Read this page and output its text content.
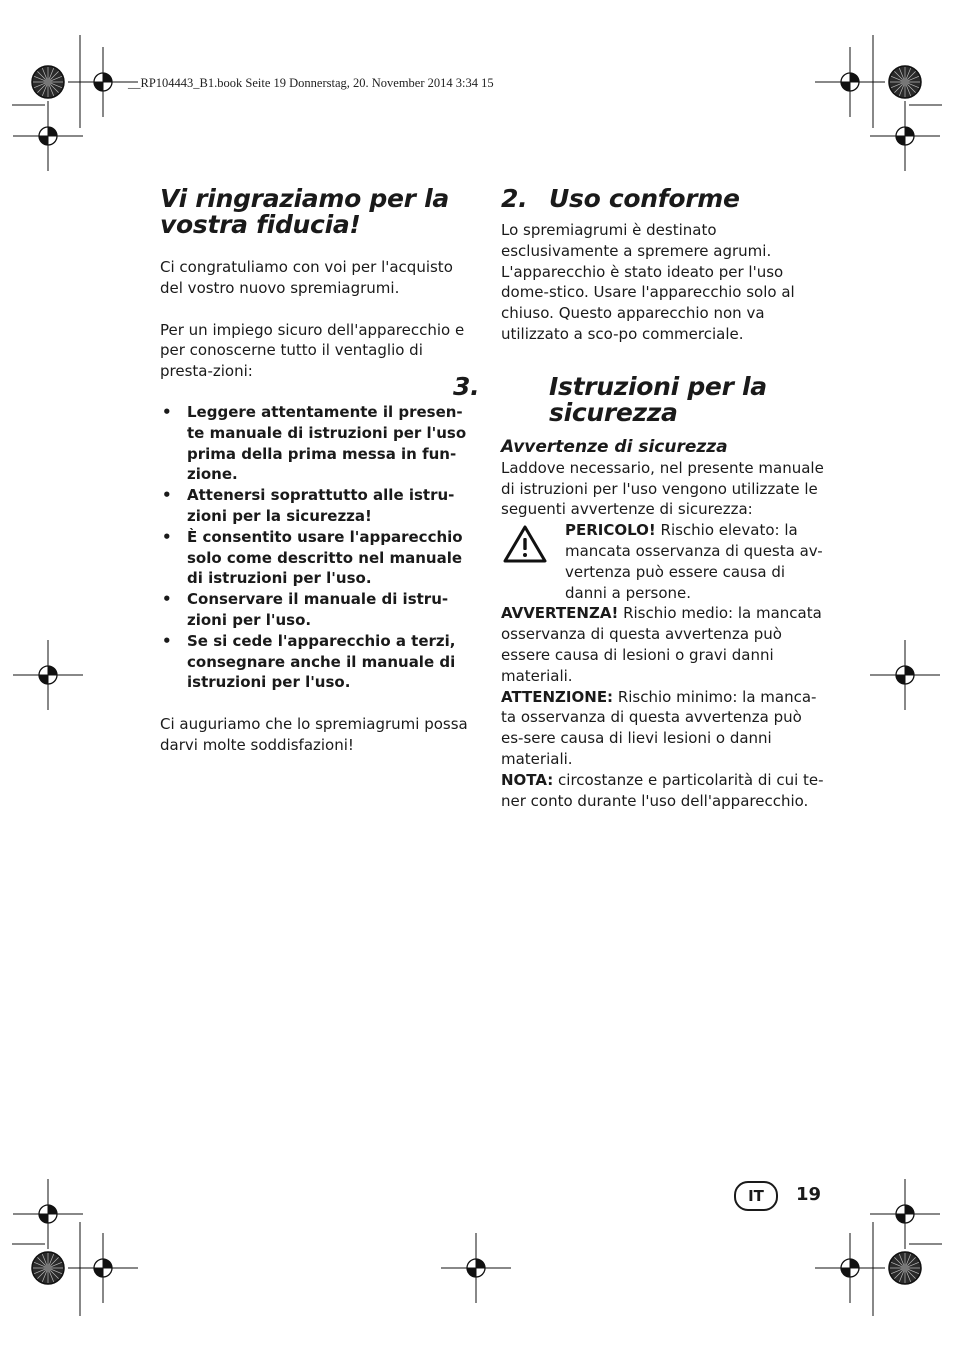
__RP104443_B1.book Seite 19 Donnerstag, 20. November 2014 3:34 15
Vi ringraziamo per la vostra fiducia!

Ci congratuliamo con voi per l'acquisto del vostro nuovo spremiagrumi.

Per un impiego sicuro dell'apparecchio e per conoscerne tutto il ventaglio di presta-zioni:

• Leggere attentamente il presen-te manuale di istruzioni per l'uso prima della prima messa in fun-zione.
• Attenersi soprattutto alle istru-zioni per la sicurezza!
• È consentito usare l'apparecchio solo come descritto nel manuale di istruzioni per l'uso.
• Conservare il manuale di istru-zioni per l'uso.
• Se si cede l'apparecchio a terzi, consegnare anche il manuale di istruzioni per l'uso.

Ci auguriamo che lo spremiagrumi possa darvi molte soddisfazioni!

2. Uso conforme

Lo spremiagrumi è destinato esclusivamente a spremere agrumi. L'apparecchio è stato ideato per l'uso dome-stico. Usare l'apparecchio solo al chiuso. Questo apparecchio non va utilizzato a sco-po commerciale.

3.	Istruzioni per la sicurezza
Avvertenze di sicurezza

Laddove necessario, nel presente manuale di istruzioni per l'uso vengono utilizzate le seguenti avvertenze di sicurezza:

PERICOLO! Rischio elevato: la mancata osservanza di questa av-vertenza può essere causa di danni a persone.

AVVERTENZA! Rischio medio: la mancata osservanza di questa avvertenza può essere causa di lesioni o gravi danni materiali.

ATTENZIONE: Rischio minimo: la manca-ta osservanza di questa avvertenza può es-sere causa di lievi lesioni o danni materiali.

NOTA: circostanze e particolarità di cui te-ner conto durante l'uso dell'apparecchio.

IT	19
